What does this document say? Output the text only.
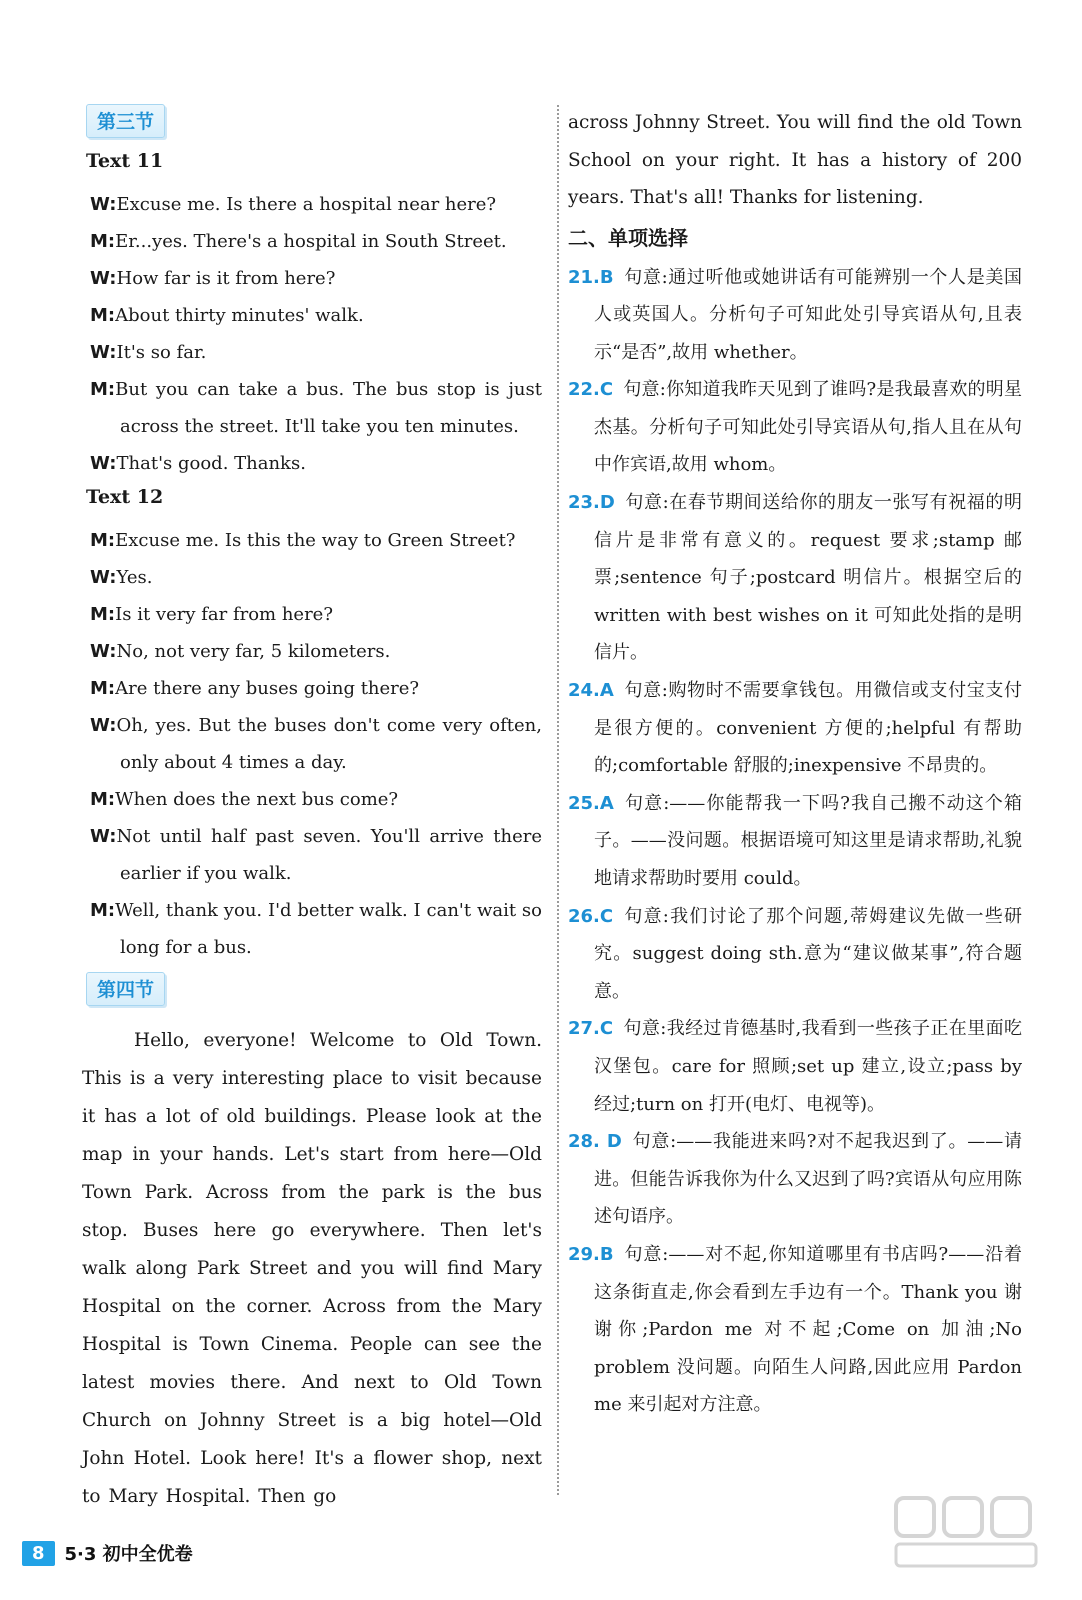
第三节
Text 11

W:Excuse me. Is there a hospital near here?

M:Er...yes. There's a hospital in South Street.

W:How far is it from here?

M:About thirty minutes' walk.

W:It's so far.

M:But you can take a bus. The bus stop is just across the street. It'll take you ten minutes.

W:That's good. Thanks.

Text 12

M:Excuse me. Is this the way to Green Street?

W:Yes.

M:Is it very far from here?

W:No, not very far, 5 kilometers.

M:Are there any buses going there?

W:Oh, yes. But the buses don't come very often, only about 4 times a day.

M:When does the next bus come?

W:Not until half past seven. You'll arrive there earlier if you walk.

M:Well, thank you. I'd better walk. I can't wait so long for a bus.

第四节

Hello, everyone! Welcome to Old Town. This is a very interesting place to visit because it has a lot of old buildings. Please look at the map in your hands. Let's start from here—Old Town Park. Across from the park is the bus stop. Buses here go everywhere. Then let's walk along Park Street and you will find Mary Hospital on the corner. Across from the Mary Hospital is Town Cinema. People can see the latest movies there. And next to Old Town Church on Johnny Street is a big hotel—Old John Hotel. Look here! It's a flower shop, next to Mary Hospital. Then go

across Johnny Street. You will find the old Town School on your right. It has a history of 200 years. That's all! Thanks for listening.

二、单项选择

21.B 句意:通过听他或她讲话有可能辨别一个人是美国人或英国人。分析句子可知此处引导宾语从句,且表示“是否”,故用 whether。

22.C 句意:你知道我昨天见到了谁吗?是我最喜欢的明星杰基。分析句子可知此处引导宾语从句,指人且在从句中作宾语,故用 whom。

23.D 句意:在春节期间送给你的朋友一张写有祝福的明信片是非常有意义的。request 要求;stamp 邮票;sentence 句子;postcard 明信片。根据空后的 written with best wishes on it 可知此处指的是明信片。

24.A 句意:购物时不需要拿钱包。用微信或支付宝支付是很方便的。convenient 方便的;helpful 有帮助的;comfortable 舒服的;inexpensive 不昂贵的。

25.A 句意:——你能帮我一下吗?我自己搬不动这个箱子。——没问题。根据语境可知这里是请求帮助,礼貌地请求帮助时要用 could。

26.C 句意:我们讨论了那个问题,蒂姆建议先做一些研究。suggest doing sth.意为“建议做某事”,符合题意。

27.C 句意:我经过肯德基时,我看到一些孩子正在里面吃汉堡包。care for 照顾;set up 建立,设立;pass by 经过;turn on 打开(电灯、电视等)。

28. D 句意:——我能进来吗?对不起我迟到了。——请进。但能告诉我你为什么又迟到了吗?宾语从句应用陈述句语序。

29.B 句意:——对不起,你知道哪里有书店吗?——沿着这条街直走,你会看到左手边有一个。Thank you 谢谢你;Pardon me 对不起;Come on 加油;No problem 没问题。向陌生人问路,因此应用 Pardon me 来引起对方注意。

8	5·3 初中全优卷
